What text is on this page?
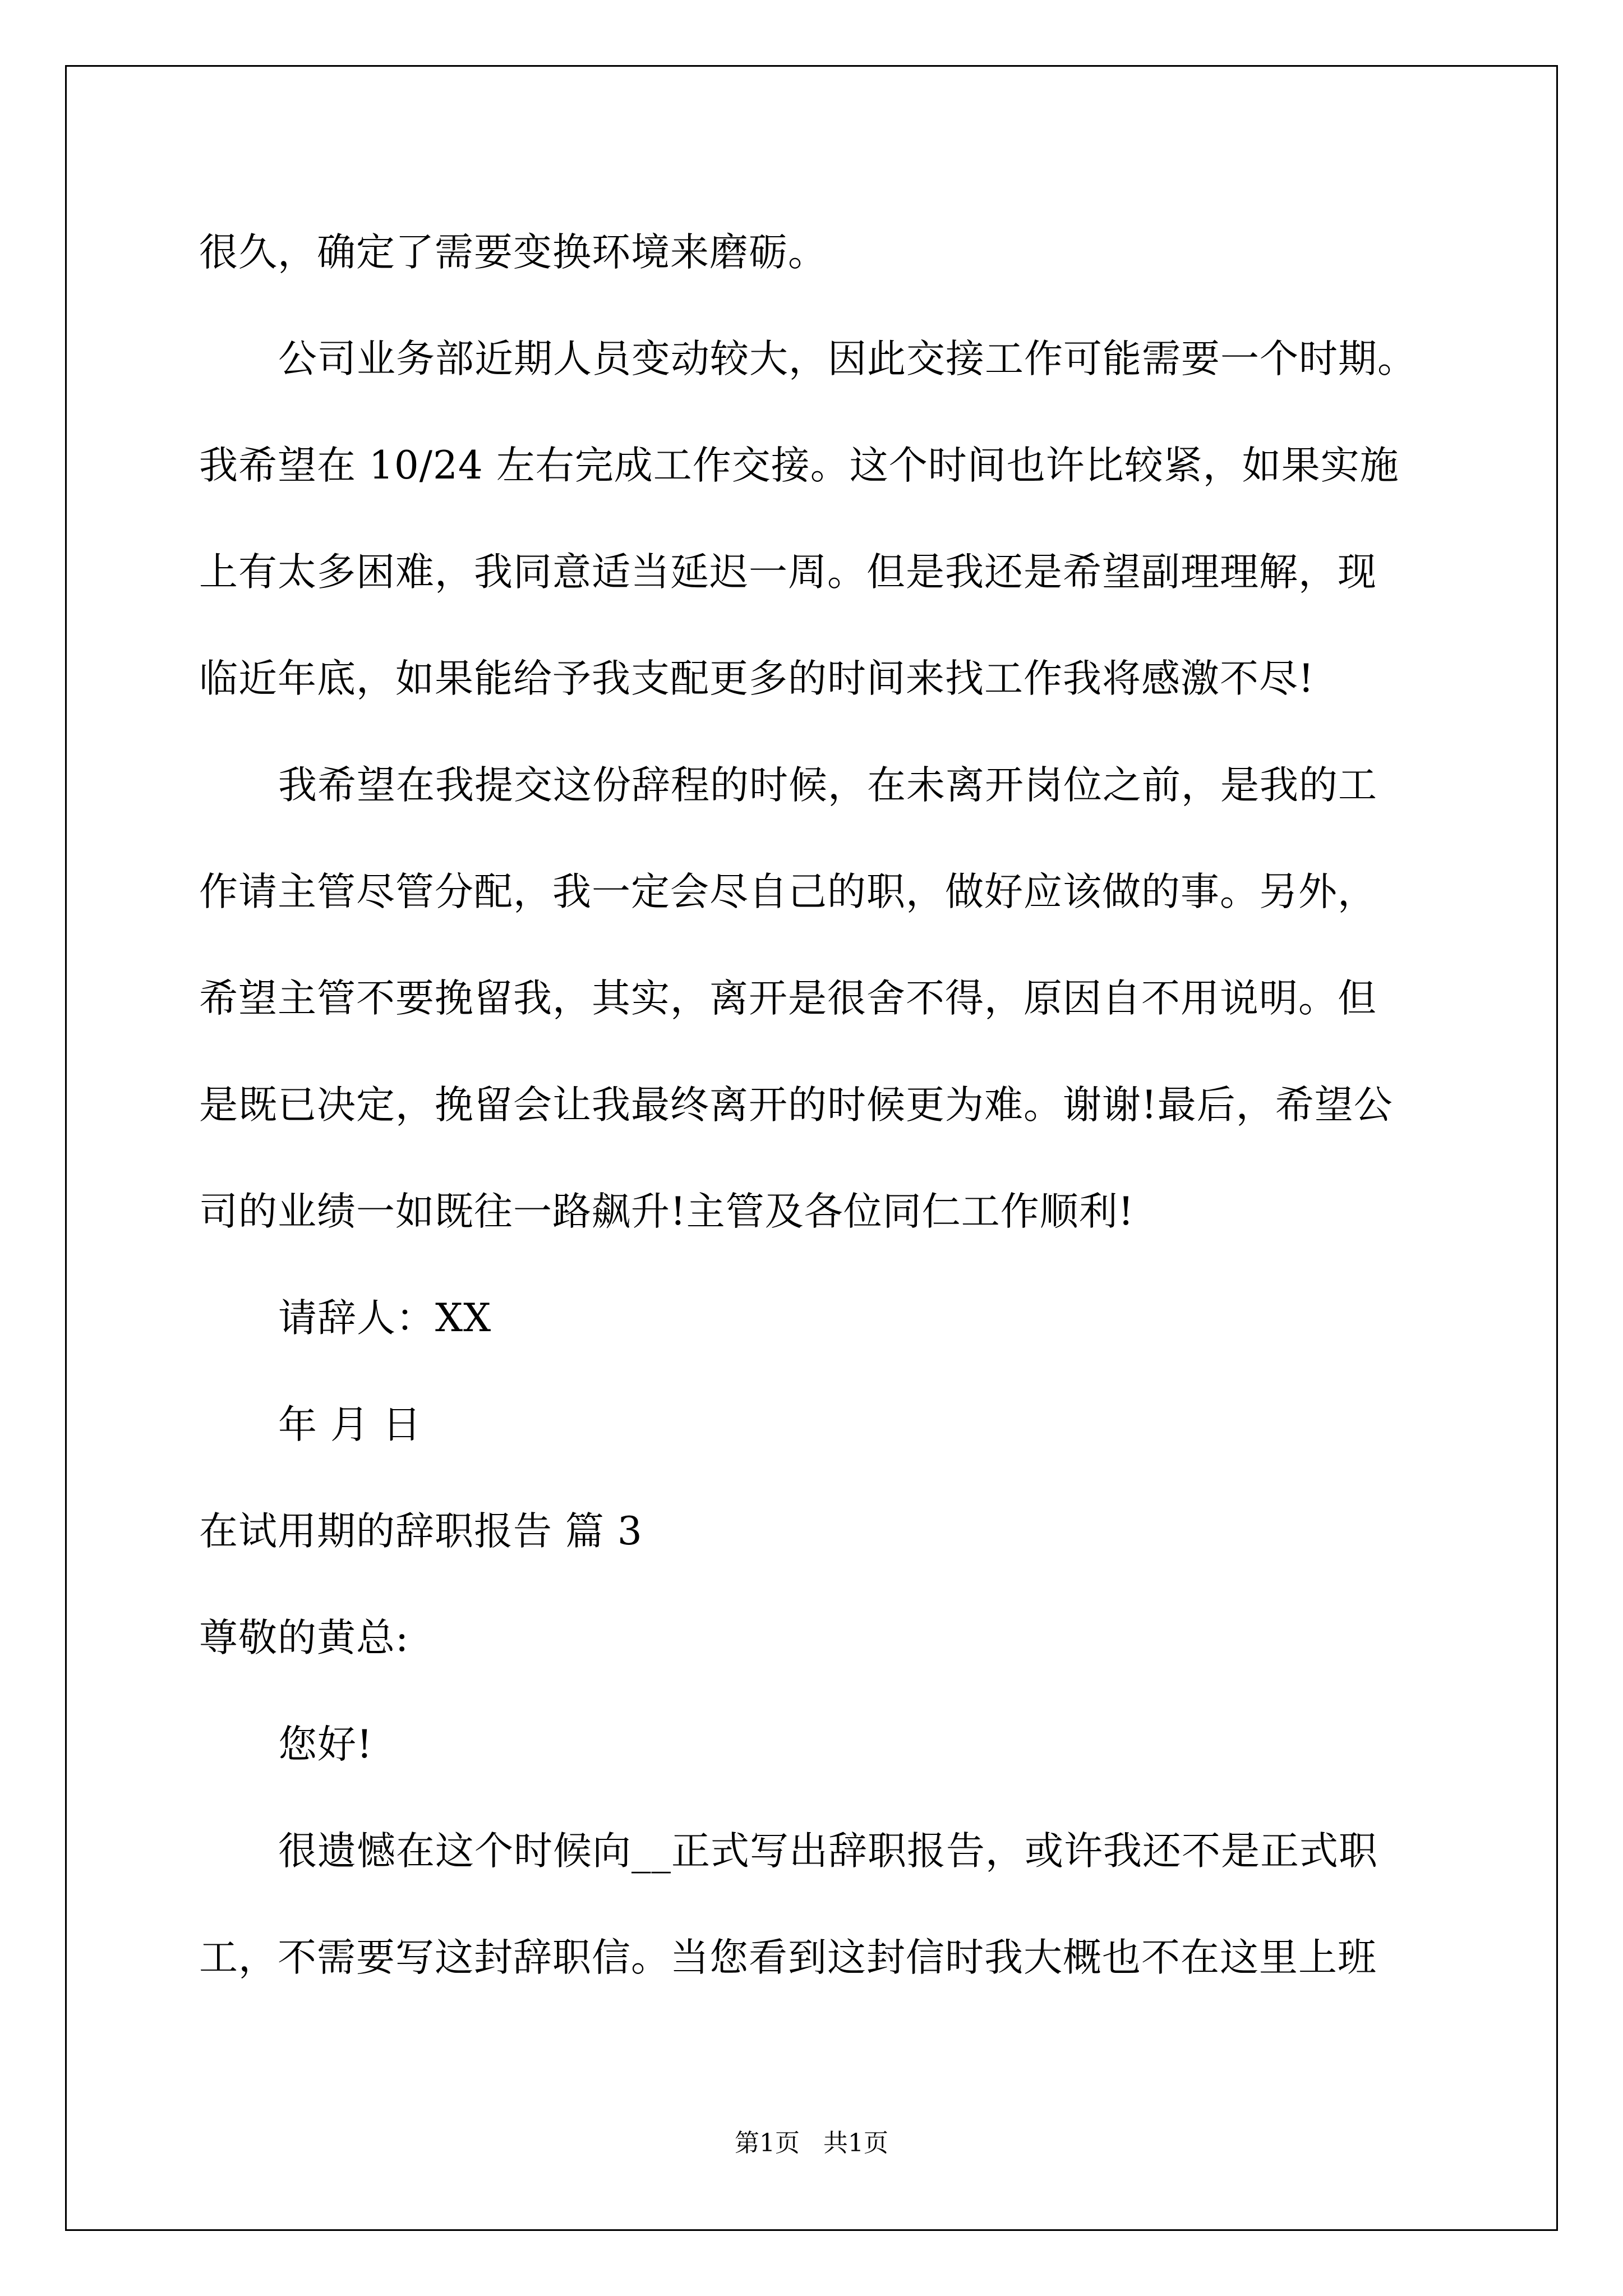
很久，确定了需要变换环境来磨砺。
公司业务部近期人员变动较大，因此交接工作可能需要一个时期。
我希望在 10/24 左右完成工作交接。这个时间也许比较紧，如果实施
上有太多困难，我同意适当延迟一周。但是我还是希望副理理解，现
临近年底，如果能给予我支配更多的时间来找工作我将感激不尽!
我希望在我提交这份辞程的时候，在未离开岗位之前，是我的工
作请主管尽管分配，我一定会尽自己的职，做好应该做的事。另外，
希望主管不要挽留我，其实，离开是很舍不得，原因自不用说明。但
是既已决定，挽留会让我最终离开的时候更为难。谢谢!最后，希望公
司的业绩一如既往一路飙升!主管及各位同仁工作顺利!
请辞人：XX
年 月 日
在试用期的辞职报告 篇 3
尊敬的黄总:
您好!
很遗憾在这个时候向__正式写出辞职报告，或许我还不是正式职
工，不需要写这封辞职信。当您看到这封信时我大概也不在这里上班
第1页   共1页
